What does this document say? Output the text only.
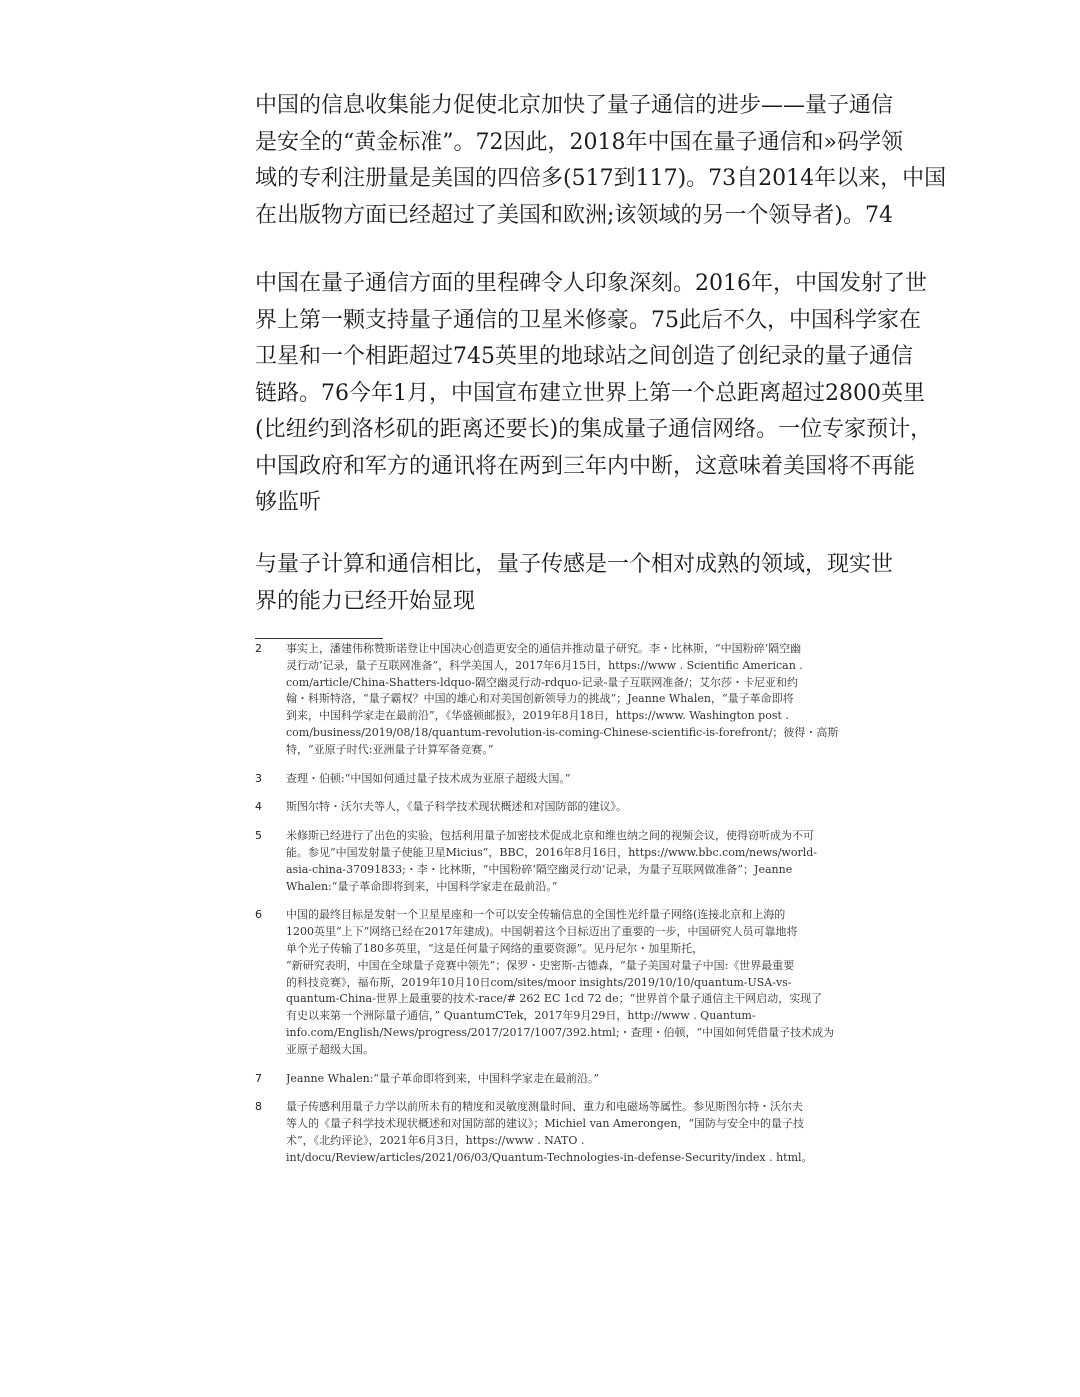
中国的信息收集能力促使北京加快了量子通信的进步——量子通信
是安全的“黄金标准”。72因此，2018年中国在量子通信和»码学领
域的专利注册量是美国的四倍多(517到117)。73自2014年以来，中国
在出版物方面已经超过了美国和欧洲;该领域的另一个领导者)。74

中国在量子通信方面的里程碑令人印象深刻。2016年，中国发射了世
界上第一颗支持量子通信的卫星米修豪。75此后不久，中国科学家在
卫星和一个相距超过745英里的地球站之间创造了创纪录的量子通信
链路。76今年1月，中国宣布建立世界上第一个总距离超过2800英里
(比纽约到洛杉矶的距离还要长)的集成量子通信网络。一位专家预计，
中国政府和军方的通讯将在两到三年内中断，这意味着美国将不再能
够监听

与量子计算和通信相比，量子传感是一个相对成熟的领域，现实世
界的能力已经开始显现

2 事实上，潘建伟称赞斯诺登让中国决心创造更安全的通信并推动量子研究。李・比林斯，“中国粉碎‘隔空幽
灵行动’记录，量子互联网准备”，科学美国人，2017年6月15日，https://www . Scientific American .
com/article/China-Shatters-ldquo-隔空幽灵行动-rdquo-记录-量子互联网准备/；艾尔莎・卡尼亚和约
翰・科斯特洛，“量子霸权？中国的雄心和对美国创新领导力的挑战”；Jeanne Whalen，“量子革命即将
到来，中国科学家走在最前沿”，《华盛顿邮报》，2019年8月18日，https://www. Washington post .
com/business/2019/08/18/quantum-revolution-is-coming-Chinese-scientific-is-forefront/；彼得・高斯
特，“亚原子时代:亚洲量子计算军备竞赛。”
3 查理・伯顿:“中国如何通过量子技术成为亚原子超级大国。”
4 斯图尔特・沃尔夫等人，《量子科学技术现状概述和对国防部的建议》。
5 米修斯已经进行了出色的实验，包括利用量子加密技术促成北京和维也纳之间的视频会议，使得窃听成为不可
能。参见“中国发射量子使能卫星Micius”，BBC，2016年8月16日，https://www.bbc.com/news/world-
asia-china-37091833;・李・比林斯，“中国粉碎‘隔空幽灵行动’记录，为量子互联网做准备”；Jeanne
Whalen:“量子革命即将到来，中国科学家走在最前沿。”
6 中国的最终目标是发射一个卫星星座和一个可以安全传输信息的全国性光纤量子网络(连接北京和上海的
1200英里“上下”网络已经在2017年建成)。中国朝着这个目标迈出了重要的一步，中国研究人员可靠地将
单个光子传输了180多英里，“这是任何量子网络的重要资源”。见丹尼尔・加里斯托，
“新研究表明，中国在全球量子竞赛中领先”；保罗・史密斯-古德森，“量子美国对量子中国:《世界最重要
的科技竞赛》，福布斯，2019年10月10日com/sites/moor insights/2019/10/10/quantum-USA-vs-
quantum-China-世界上最重要的技术-race/# 262 EC 1cd 72 de；“世界首个量子通信主干网启动，实现了
有史以来第一个洲际量子通信，” QuantumCTek，2017年9月29日，http://www . Quantum-
info.com/English/News/progress/2017/2017/1007/392.html;・查理・伯顿，“中国如何凭借量子技术成为
亚原子超级大国。
7 Jeanne Whalen:“量子革命即将到来，中国科学家走在最前沿。”
8 量子传感利用量子力学以前所未有的精度和灵敏度测量时间、重力和电磁场等属性。参见斯图尔特・沃尔夫
等人的《量子科学技术现状概述和对国防部的建议》；Michiel van Amerongen，“国防与安全中的量子技
术”，《北约评论》，2021年6月3日，https://www . NATO .
int/docu/Review/articles/2021/06/03/Quantum-Technologies-in-defense-Security/index . html。
